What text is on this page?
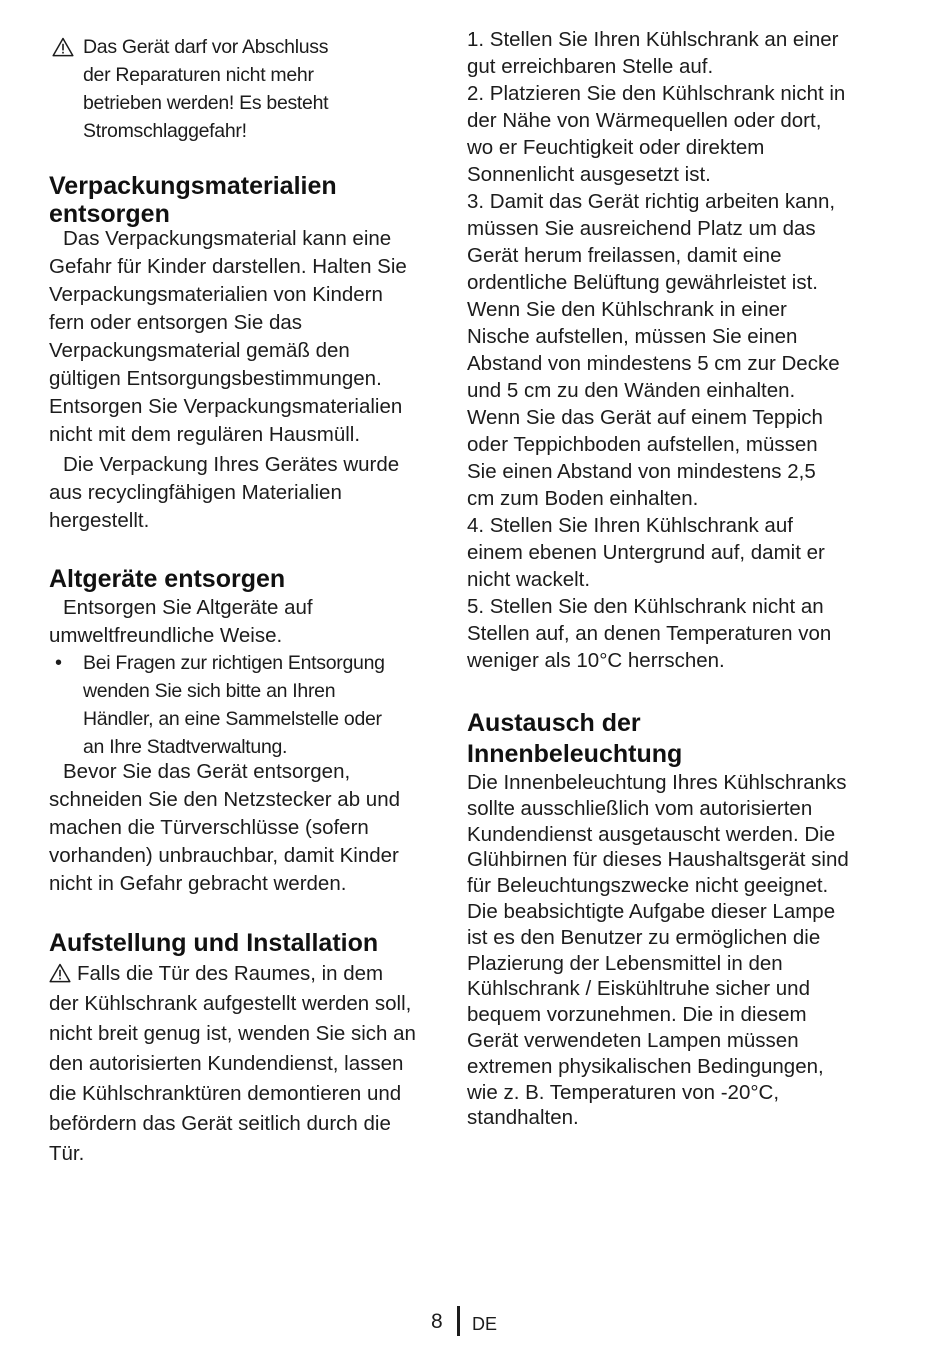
Das Gerät darf vor Abschluss
der Reparaturen nicht mehr
betrieben werden! Es besteht
Stromschlaggefahr!
Verpackungsmaterialien
entsorgen
Das Verpackungsmaterial kann eine
Gefahr für Kinder darstellen. Halten Sie
Verpackungsmaterialien von Kindern
fern oder entsorgen Sie das
Verpackungsmaterial gemäß den
gültigen Entsorgungsbestimmungen.
Entsorgen Sie Verpackungsmaterialien
nicht mit dem regulären Hausmüll.
Die Verpackung Ihres Gerätes wurde
aus recyclingfähigen Materialien
hergestellt.
Altgeräte entsorgen
Entsorgen Sie Altgeräte auf
umweltfreundliche Weise.
•	Bei Fragen zur richtigen Entsorgung
wenden Sie sich bitte an Ihren
Händler, an eine Sammelstelle oder
an Ihre Stadtverwaltung.
Bevor Sie das Gerät entsorgen,
schneiden Sie den Netzstecker ab und
machen die Türverschlüsse (sofern
vorhanden) unbrauchbar, damit Kinder
nicht in Gefahr gebracht werden.
Aufstellung und Installation
Falls die Tür des Raumes, in dem
der Kühlschrank aufgestellt werden soll,
nicht breit genug ist, wenden Sie sich an
den autorisierten Kundendienst, lassen
die Kühlschranktüren demontieren und
befördern das Gerät seitlich durch die
Tür.
1. Stellen Sie Ihren Kühlschrank an einer
gut erreichbaren Stelle auf.
2. Platzieren Sie den Kühlschrank nicht in
der Nähe von Wärmequellen oder dort,
wo er Feuchtigkeit oder direktem
Sonnenlicht ausgesetzt ist.
3. Damit das Gerät richtig arbeiten kann,
müssen Sie ausreichend Platz um das
Gerät herum freilassen, damit eine
ordentliche Belüftung gewährleistet ist.
Wenn Sie den Kühlschrank in einer
Nische aufstellen, müssen Sie einen
Abstand von mindestens 5 cm zur Decke
und 5 cm zu den Wänden einhalten.
Wenn Sie das Gerät auf einem Teppich
oder Teppichboden aufstellen, müssen
Sie einen Abstand von mindestens 2,5
cm zum Boden einhalten.
4. Stellen Sie Ihren Kühlschrank auf
einem ebenen Untergrund auf, damit er
nicht wackelt.
5. Stellen Sie den Kühlschrank nicht an
Stellen auf, an denen Temperaturen von
weniger als 10°C herrschen.
Austausch der
Innenbeleuchtung
Die Innenbeleuchtung Ihres Kühlschranks
sollte ausschließlich vom autorisierten
Kundendienst ausgetauscht werden. Die
Glühbirnen für dieses Haushaltsgerät sind
für Beleuchtungszwecke nicht geeignet.
Die beabsichtigte Aufgabe dieser Lampe
ist es den Benutzer zu ermöglichen die
Plazierung der Lebensmittel in den
Kühlschrank / Eiskühltruhe sicher und
bequem vorzunehmen. Die in diesem
Gerät verwendeten Lampen müssen
extremen physikalischen Bedingungen,
wie z. B. Temperaturen von -20°C,
standhalten.
8 DE
